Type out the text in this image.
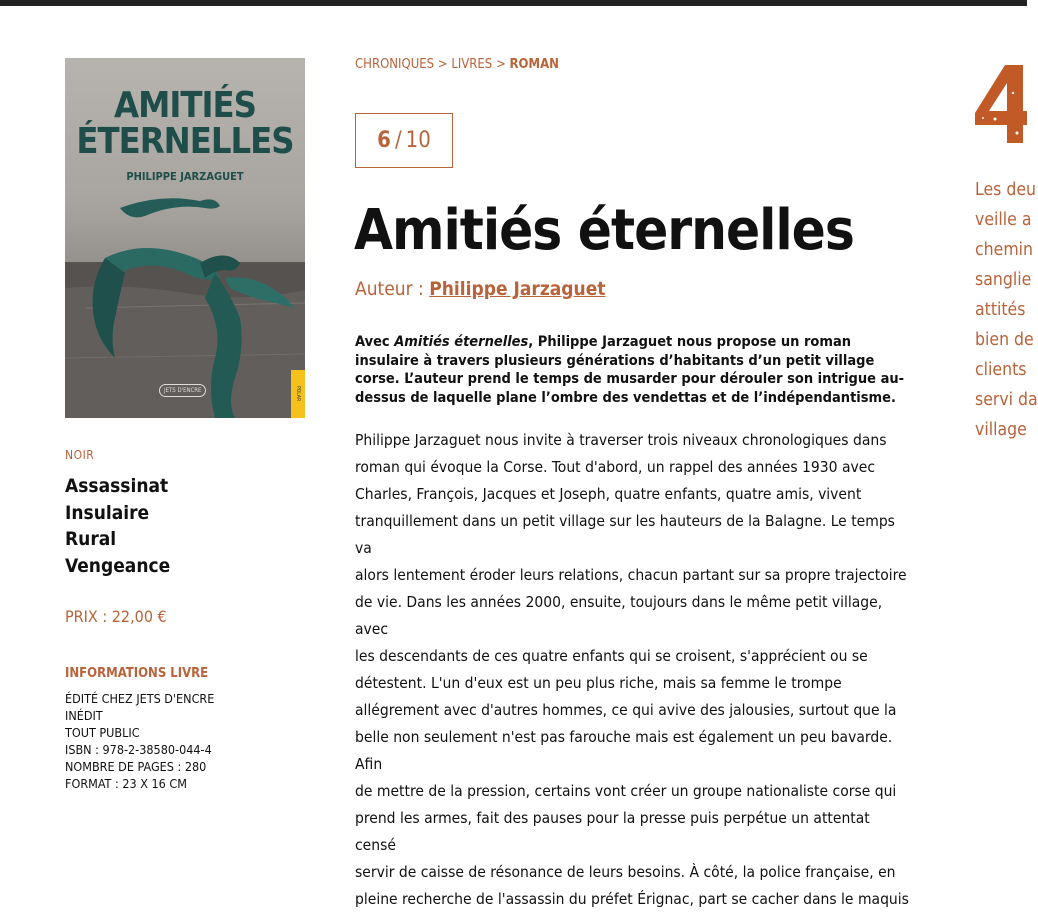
AMITIÉS
ÉTERNELLES
PHILIPPE JARZAGUET
JETS D'ENCRE	POLAR
NOIR
Assassinat
Insulaire
Rural
Vengeance
PRIX : 22,00 €
INFORMATIONS LIVRE
ÉDITÉ CHEZ JETS D'ENCRE
INÉDIT
TOUT PUBLIC
ISBN : 978-2-38580-044-4
NOMBRE DE PAGES : 280
FORMAT : 23 X 16 CM
CHRONIQUES > LIVRES > ROMAN
6 / 10
Amitiés éternelles
Auteur : Philippe Jarzaguet
Avec Amitiés éternelles, Philippe Jarzaguet nous propose un roman insulaire à travers plusieurs générations d’habitants d’un petit village corse. L’auteur prend le temps de musarder pour dérouler son intrigue au-dessus de laquelle plane l’ombre des vendettas et de l’indépendantisme.
Philippe Jarzaguet nous invite à traverser trois niveaux chronologiques dans
roman qui évoque la Corse. Tout d'abord, un rappel des années 1930 avec
Charles, François, Jacques et Joseph, quatre enfants, quatre amis, vivent
tranquillement dans un petit village sur les hauteurs de la Balagne. Le temps va
alors lentement éroder leurs relations, chacun partant sur sa propre trajectoire
de vie. Dans les années 2000, ensuite, toujours dans le même petit village, avec
les descendants de ces quatre enfants qui se croisent, s'apprécient ou se
détestent. L'un d'eux est un peu plus riche, mais sa femme le trompe
allégrement avec d'autres hommes, ce qui avive des jalousies, surtout que la
belle non seulement n'est pas farouche mais est également un peu bavarde. Afin
de mettre de la pression, certains vont créer un groupe nationaliste corse qui
prend les armes, fait des pauses pour la presse puis perpétue un attentat censé
servir de caisse de résonance de leurs besoins. À côté, la police française, en
pleine recherche de l'assassin du préfet Érignac, part se cacher dans le maquis
Les deu
veille a
chemin
sanglie
attités
bien de
clients
servi da
village
